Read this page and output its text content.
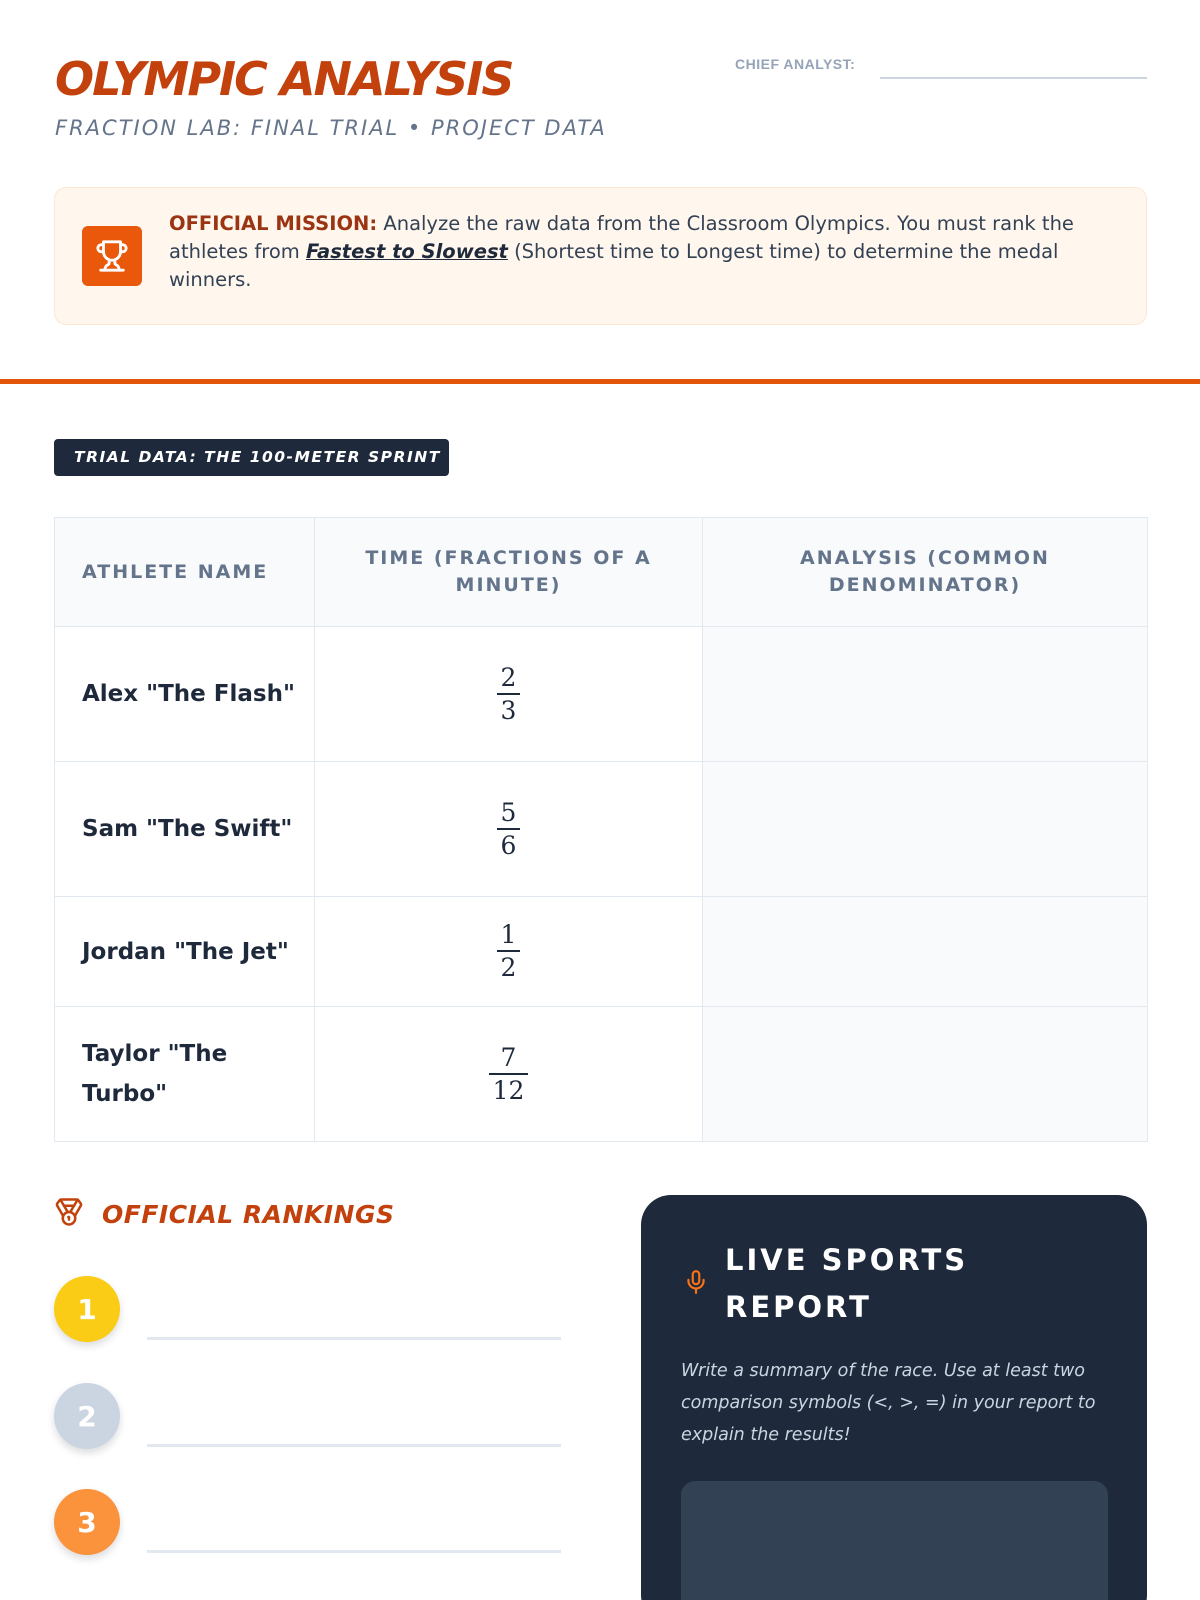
OLYMPIC ANALYSIS
FRACTION LAB: FINAL TRIAL • PROJECT DATA
CHIEF ANALYST:
OFFICIAL MISSION: Analyze the raw data from the Classroom Olympics. You must rank the athletes from Fastest to Slowest (Shortest time to Longest time) to determine the medal winners.
TRIAL DATA: THE 100-METER SPRINT
ATHLETE NAME	TIME (FRACTIONS OF A MINUTE)	ANALYSIS (COMMON DENOMINATOR)
Alex "The Flash"	$\frac{2}{3}$

Sam "The Swift"	$\frac{5}{6}$

Jordan "The Jet"	$\frac{1}{2}$

Taylor "The Turbo"	$\frac{7}{12}$

OFFICIAL RANKINGS
1
2
3
LIVE SPORTS REPORT
Write a summary of the race. Use at least two comparison symbols (<, >, =) in your report to explain the results!
